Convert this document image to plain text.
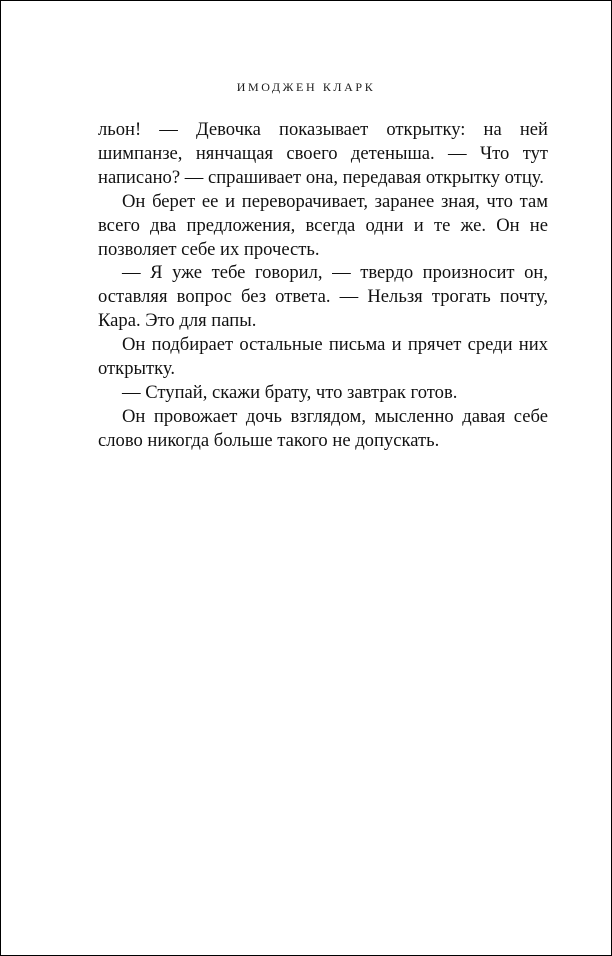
ИМОДЖЕН КЛАРК

льон! — Девочка показывает открытку: на ней шимпанзе, нянчащая своего детеныша. — Что тут написано? — спрашивает она, передавая открытку отцу.

Он берет ее и переворачивает, заранее зная, что там всего два предложения, всегда одни и те же. Он не позволяет себе их прочесть.

— Я уже тебе говорил, — твердо произносит он, оставляя вопрос без ответа. — Нельзя трогать почту, Кара. Это для папы.

Он подбирает остальные письма и прячет среди них открытку.

— Ступай, скажи брату, что завтрак готов.

Он провожает дочь взглядом, мысленно давая себе слово никогда больше такого не допускать.
